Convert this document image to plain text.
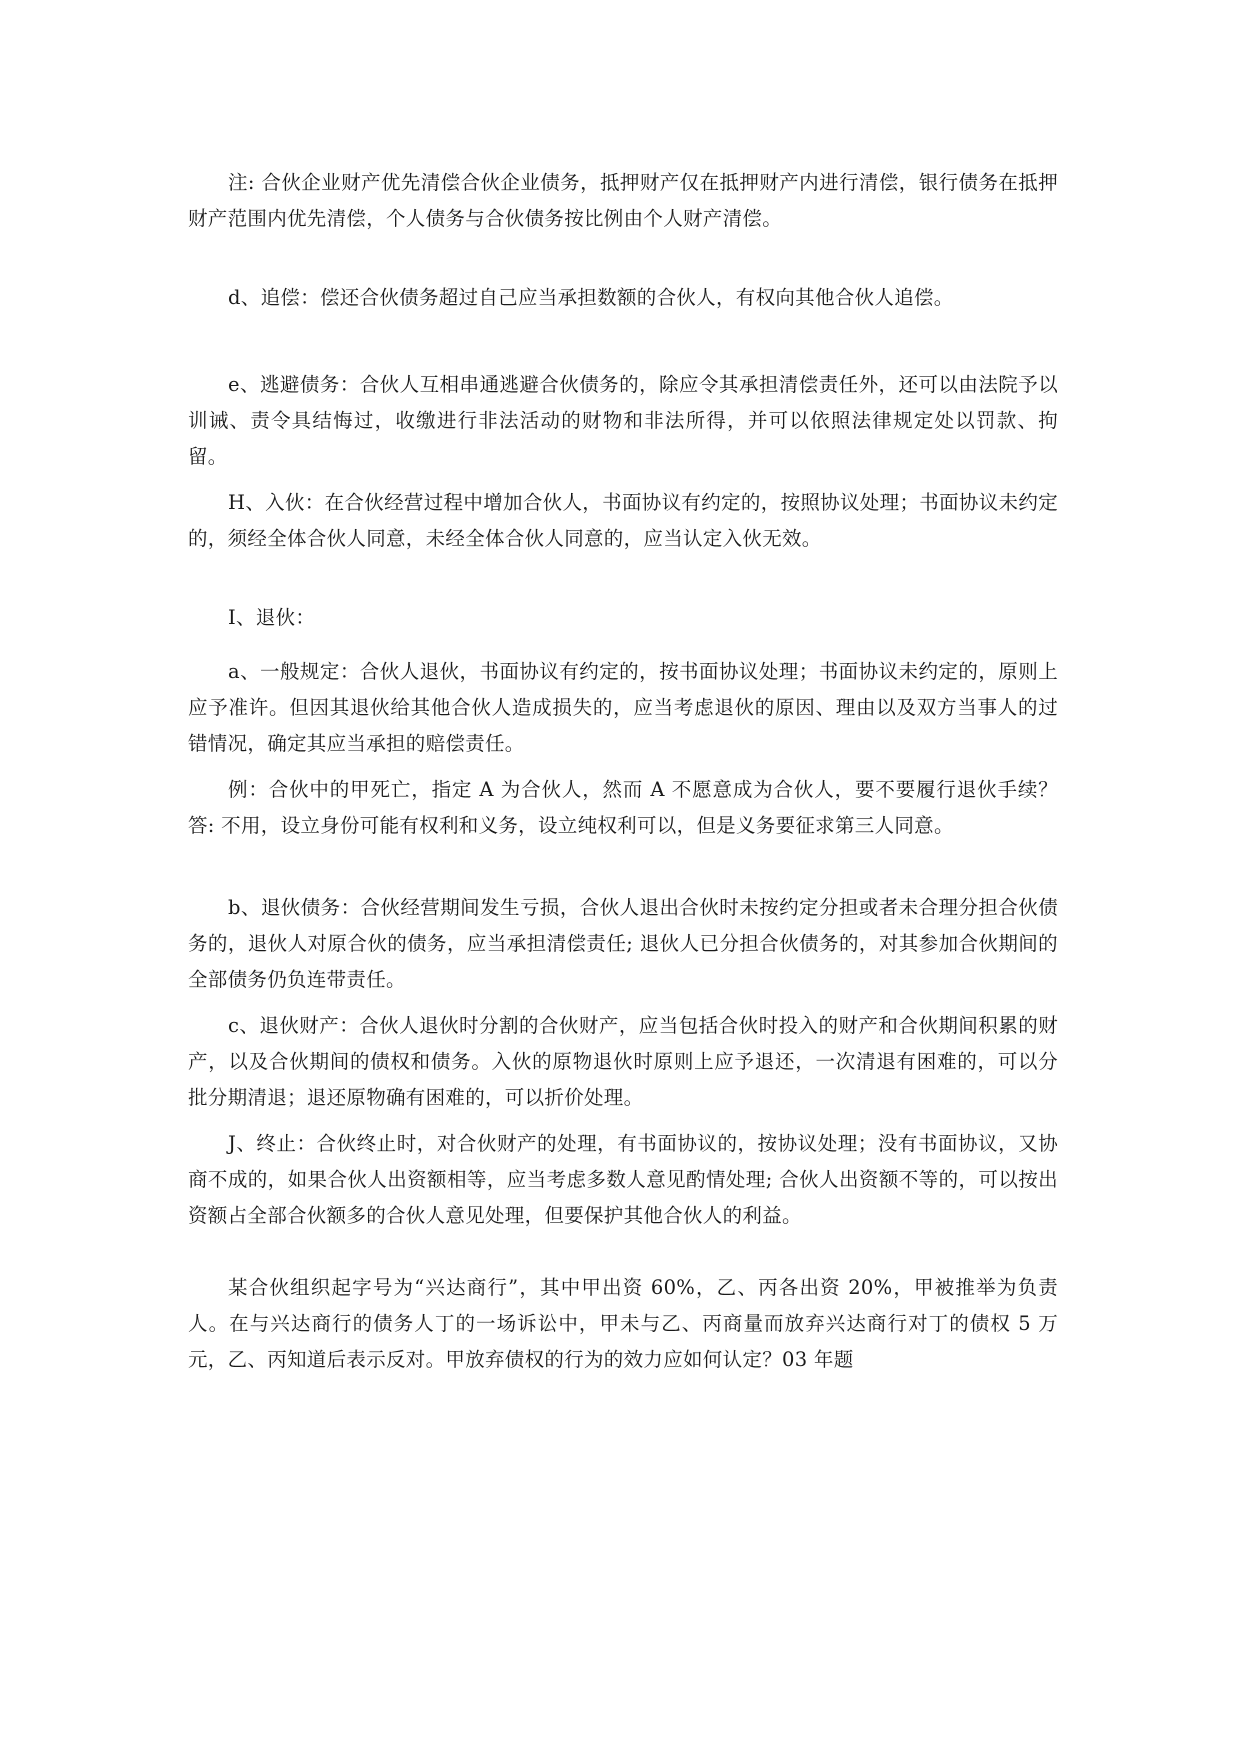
注: 合伙企业财产优先清偿合伙企业债务，抵押财产仅在抵押财产内进行清偿，银行债务在抵押财产范围内优先清偿，个人债务与合伙债务按比例由个人财产清偿。

d、追偿：偿还合伙债务超过自己应当承担数额的合伙人，有权向其他合伙人追偿。

e、逃避债务：合伙人互相串通逃避合伙债务的，除应令其承担清偿责任外，还可以由法院予以训诫、责令具结悔过，收缴进行非法活动的财物和非法所得，并可以依照法律规定处以罚款、拘留。

H、入伙：在合伙经营过程中增加合伙人，书面协议有约定的，按照协议处理；书面协议未约定的，须经全体合伙人同意，未经全体合伙人同意的，应当认定入伙无效。

I、退伙：

a、一般规定：合伙人退伙，书面协议有约定的，按书面协议处理；书面协议未约定的，原则上应予准许。但因其退伙给其他合伙人造成损失的，应当考虑退伙的原因、理由以及双方当事人的过错情况，确定其应当承担的赔偿责任。

例：合伙中的甲死亡，指定 A 为合伙人，然而 A 不愿意成为合伙人，要不要履行退伙手续？答: 不用，设立身份可能有权利和义务，设立纯权利可以，但是义务要征求第三人同意。

b、退伙债务：合伙经营期间发生亏损，合伙人退出合伙时未按约定分担或者未合理分担合伙债务的，退伙人对原合伙的债务，应当承担清偿责任; 退伙人已分担合伙债务的，对其参加合伙期间的全部债务仍负连带责任。

c、退伙财产：合伙人退伙时分割的合伙财产，应当包括合伙时投入的财产和合伙期间积累的财产，以及合伙期间的债权和债务。入伙的原物退伙时原则上应予退还，一次清退有困难的，可以分批分期清退；退还原物确有困难的，可以折价处理。

J、终止：合伙终止时，对合伙财产的处理，有书面协议的，按协议处理；没有书面协议，又协商不成的，如果合伙人出资额相等，应当考虑多数人意见酌情处理; 合伙人出资额不等的，可以按出资额占全部合伙额多的合伙人意见处理，但要保护其他合伙人的利益。

某合伙组织起字号为“兴达商行”，其中甲出资 60%，乙、丙各出资 20%，甲被推举为负责人。在与兴达商行的债务人丁的一场诉讼中，甲未与乙、丙商量而放弃兴达商行对丁的债权 5 万元，乙、丙知道后表示反对。甲放弃债权的行为的效力应如何认定？03 年题
